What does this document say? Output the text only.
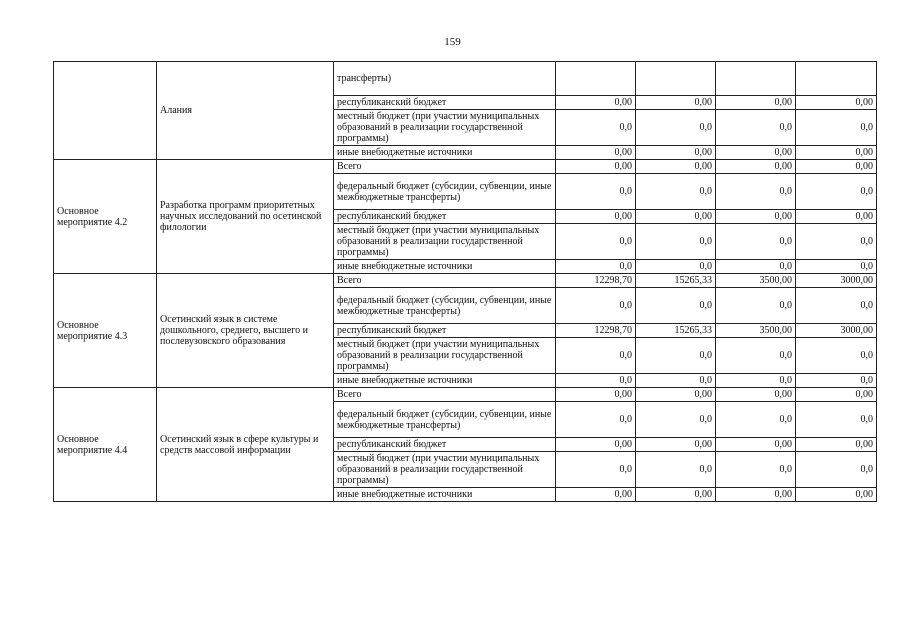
159
	Алания	трансферты)				
		республиканский бюджет	0,00	0,00	0,00	0,00
		местный бюджет (при участии муниципальных образований в реализации государственной программы)	0,0	0,0	0,0	0,0
		иные внебюджетные источники	0,00	0,00	0,00	0,00
Основное мероприятие 4.2	Разработка программ приоритетных научных исследований по осетинской филологии	Всего	0,00	0,00	0,00	0,00
		федеральный бюджет (субсидии, субвенции, иные межбюджетные трансферты)	0,0	0,0	0,0	0,0
		республиканский бюджет	0,00	0,00	0,00	0,00
		местный бюджет (при участии муниципальных образований в реализации государственной программы)	0,0	0,0	0,0	0,0
		иные внебюджетные источники	0,0	0,0	0,0	0,0
Основное мероприятие 4.3	Осетинский язык в системе дошкольного, среднего, высшего и послевузовского образования	Всего	12298,70	15265,33	3500,00	3000,00
		федеральный бюджет (субсидии, субвенции, иные межбюджетные трансферты)	0,0	0,0	0,0	0,0
		республиканский бюджет	12298,70	15265,33	3500,00	3000,00
		местный бюджет (при участии муниципальных образований в реализации государственной программы)	0,0	0,0	0,0	0,0
		иные внебюджетные источники	0,0	0,0	0,0	0,0
Основное мероприятие 4.4	Осетинский язык в сфере культуры и средств массовой информации	Всего	0,00	0,00	0,00	0,00
		федеральный бюджет (субсидии, субвенции, иные межбюджетные трансферты)	0,0	0,0	0,0	0,0
		республиканский бюджет	0,00	0,00	0,00	0,00
		местный бюджет (при участии муниципальных образований в реализации государственной программы)	0,0	0,0	0,0	0,0
		иные внебюджетные источники	0,00	0,00	0,00	0,00
